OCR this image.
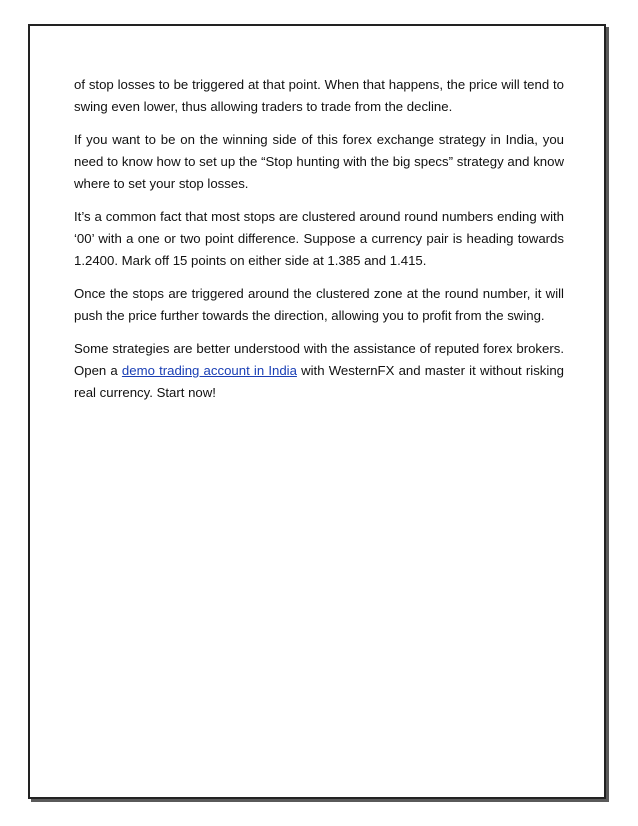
of stop losses to be triggered at that point. When that happens, the price will tend to swing even lower, thus allowing traders to trade from the decline.

If you want to be on the winning side of this forex exchange strategy in India, you need to know how to set up the “Stop hunting with the big specs” strategy and know where to set your stop losses.

It’s a common fact that most stops are clustered around round numbers ending with ‘00’ with a one or two point difference. Suppose a currency pair is heading towards 1.2400. Mark off 15 points on either side at 1.385 and 1.415.

Once the stops are triggered around the clustered zone at the round number, it will push the price further towards the direction, allowing you to profit from the swing.

Some strategies are better understood with the assistance of reputed forex brokers. Open a demo trading account in India with WesternFX and master it without risking real currency. Start now!
